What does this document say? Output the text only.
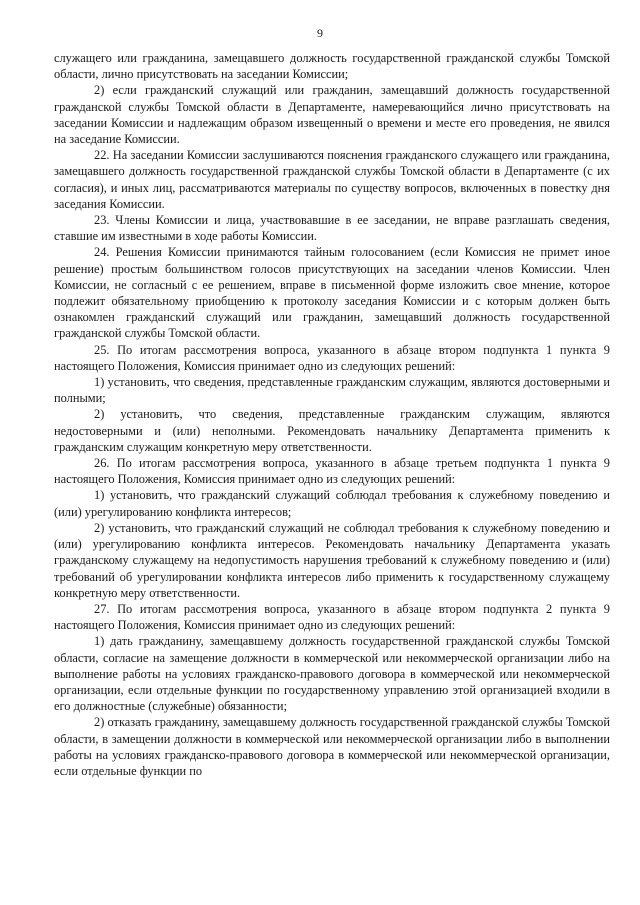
9

служащего или гражданина, замещавшего должность государственной гражданской службы Томской области, лично присутствовать на заседании Комиссии;

2) если гражданский служащий или гражданин, замещавший должность государственной гражданской службы Томской области в Департаменте, намеревающийся лично присутствовать на заседании Комиссии и надлежащим образом извещенный о времени и месте его проведения, не явился на заседание Комиссии.

22. На заседании Комиссии заслушиваются пояснения гражданского служащего или гражданина, замещавшего должность государственной гражданской службы Томской области в Департаменте (с их согласия), и иных лиц, рассматриваются материалы по существу вопросов, включенных в повестку дня заседания Комиссии.

23. Члены Комиссии и лица, участвовавшие в ее заседании, не вправе разглашать сведения, ставшие им известными в ходе работы Комиссии.

24. Решения Комиссии принимаются тайным голосованием (если Комиссия не примет иное решение) простым большинством голосов присутствующих на заседании членов Комиссии. Член Комиссии, не согласный с ее решением, вправе в письменной форме изложить свое мнение, которое подлежит обязательному приобщению к протоколу заседания Комиссии и с которым должен быть ознакомлен гражданский служащий или гражданин, замещавший должность государственной гражданской службы Томской области.

25. По итогам рассмотрения вопроса, указанного в абзаце втором подпункта 1 пункта 9 настоящего Положения, Комиссия принимает одно из следующих решений:

1) установить, что сведения, представленные гражданским служащим, являются достоверными и полными;

2) установить, что сведения, представленные гражданским служащим, являются недостоверными и (или) неполными. Рекомендовать начальнику Департамента применить к гражданским служащим конкретную меру ответственности.

26. По итогам рассмотрения вопроса, указанного в абзаце третьем подпункта 1 пункта 9 настоящего Положения, Комиссия принимает одно из следующих решений:

1) установить, что гражданский служащий соблюдал требования к служебному поведению и (или) урегулированию конфликта интересов;

2) установить, что гражданский служащий не соблюдал требования к служебному поведению и (или) урегулированию конфликта интересов. Рекомендовать начальнику Департамента указать гражданскому служащему на недопустимость нарушения требований к служебному поведению и (или) требований об урегулировании конфликта интересов либо применить к государственному служащему конкретную меру ответственности.

27. По итогам рассмотрения вопроса, указанного в абзаце втором подпункта 2 пункта 9 настоящего Положения, Комиссия принимает одно из следующих решений:

1) дать гражданину, замещавшему должность государственной гражданской службы Томской области, согласие на замещение должности в коммерческой или некоммерческой организации либо на выполнение работы на условиях гражданско-правового договора в коммерческой или некоммерческой организации, если отдельные функции по государственному управлению этой организацией входили в его должностные (служебные) обязанности;

2) отказать гражданину, замещавшему должность государственной гражданской службы Томской области, в замещении должности в коммерческой или некоммерческой организации либо в выполнении работы на условиях гражданско-правового договора в коммерческой или некоммерческой организации, если отдельные функции по
